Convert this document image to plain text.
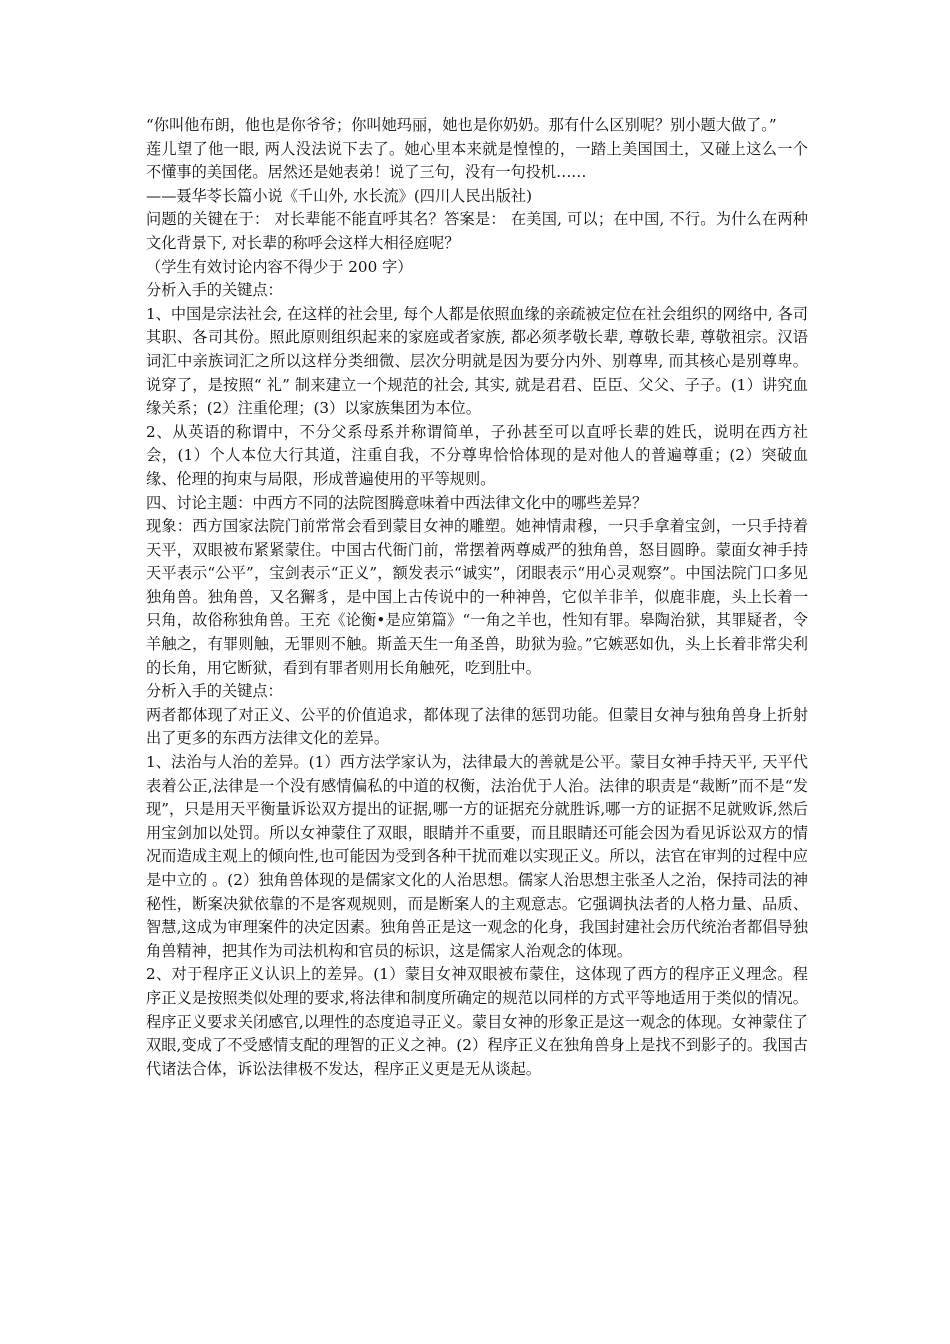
“你叫他布朗，他也是你爷爷；你叫她玛丽，她也是你奶奶。那有什么区别呢？别小题大做了。”

莲儿望了他一眼, 两人没法说下去了。她心里本来就是惶惶的，一踏上美国国土，又碰上这么一个不懂事的美国佬。居然还是她表弟！说了三句，没有一句投机……

——聂华苓长篇小说《千山外, 水长流》(四川人民出版社)

问题的关键在于： 对长辈能不能直呼其名？答案是： 在美国, 可以；在中国, 不行。为什么在两种文化背景下, 对长辈的称呼会这样大相径庭呢？

（学生有效讨论内容不得少于 200 字）

分析入手的关键点：

1、中国是宗法社会, 在这样的社会里, 每个人都是依照血缘的亲疏被定位在社会组织的网络中, 各司其职、各司其份。照此原则组织起来的家庭或者家族, 都必须孝敬长辈, 尊敬长辈, 尊敬祖宗。汉语词汇中亲族词汇之所以这样分类细微、层次分明就是因为要分内外、别尊卑, 而其核心是别尊卑。说穿了，是按照“ 礼” 制来建立一个规范的社会, 其实, 就是君君、臣臣、父父、子子。(1）讲究血缘关系；(2）注重伦理；(3）以家族集团为本位。

2、从英语的称谓中，不分父系母系并称谓简单，子孙甚至可以直呼长辈的姓氏，说明在西方社会，(1）个人本位大行其道，注重自我，不分尊卑恰恰体现的是对他人的普遍尊重；(2）突破血缘、伦理的拘束与局限，形成普遍使用的平等规则。

四、讨论主题：中西方不同的法院图腾意味着中西法律文化中的哪些差异？

现象：西方国家法院门前常常会看到蒙目女神的雕塑。她神情肃穆，一只手拿着宝剑，一只手持着天平，双眼被布紧紧蒙住。中国古代衙门前，常摆着两尊威严的独角兽，怒目圆睁。蒙面女神手持天平表示“公平”，宝剑表示“正义”，额发表示“诚实”，闭眼表示“用心灵观察”。中国法院门口多见独角兽。独角兽，又名獬豸，是中国上古传说中的一种神兽，它似羊非羊，似鹿非鹿，头上长着一只角，故俗称独角兽。王充《论衡•是应第篇》“一角之羊也，性知有罪。皋陶治狱，其罪疑者，令羊触之，有罪则触，无罪则不触。斯盖天生一角圣兽，助狱为验。”它嫉恶如仇，头上长着非常尖利的长角，用它断狱，看到有罪者则用长角触死，吃到肚中。

分析入手的关键点：

两者都体现了对正义、公平的价值追求，都体现了法律的惩罚功能。但蒙目女神与独角兽身上折射出了更多的东西方法律文化的差异。

1、法治与人治的差异。(1）西方法学家认为，法律最大的善就是公平。蒙目女神手持天平, 天平代表着公正,法律是一个没有感情偏私的中道的权衡，法治优于人治。法律的职责是“裁断”而不是“发现”，只是用天平衡量诉讼双方提出的证据,哪一方的证据充分就胜诉,哪一方的证据不足就败诉,然后用宝剑加以处罚。所以女神蒙住了双眼，眼睛并不重要，而且眼睛还可能会因为看见诉讼双方的情况而造成主观上的倾向性,也可能因为受到各种干扰而难以实现正义。所以，法官在审判的过程中应是中立的 。(2）独角兽体现的是儒家文化的人治思想。儒家人治思想主张圣人之治，保持司法的神秘性，断案决狱依靠的不是客观规则，而是断案人的主观意志。它强调执法者的人格力量、品质、智慧,这成为审理案件的决定因素。独角兽正是这一观念的化身，我国封建社会历代统治者都倡导独角兽精神，把其作为司法机构和官员的标识，这是儒家人治观念的体现。

2、对于程序正义认识上的差异。(1）蒙目女神双眼被布蒙住，这体现了西方的程序正义理念。程序正义是按照类似处理的要求,将法律和制度所确定的规范以同样的方式平等地适用于类似的情况。程序正义要求关闭感官,以理性的态度追寻正义。蒙目女神的形象正是这一观念的体现。女神蒙住了双眼,变成了不受感情支配的理智的正义之神。(2）程序正义在独角兽身上是找不到影子的。我国古代诸法合体，诉讼法律极不发达，程序正义更是无从谈起。
